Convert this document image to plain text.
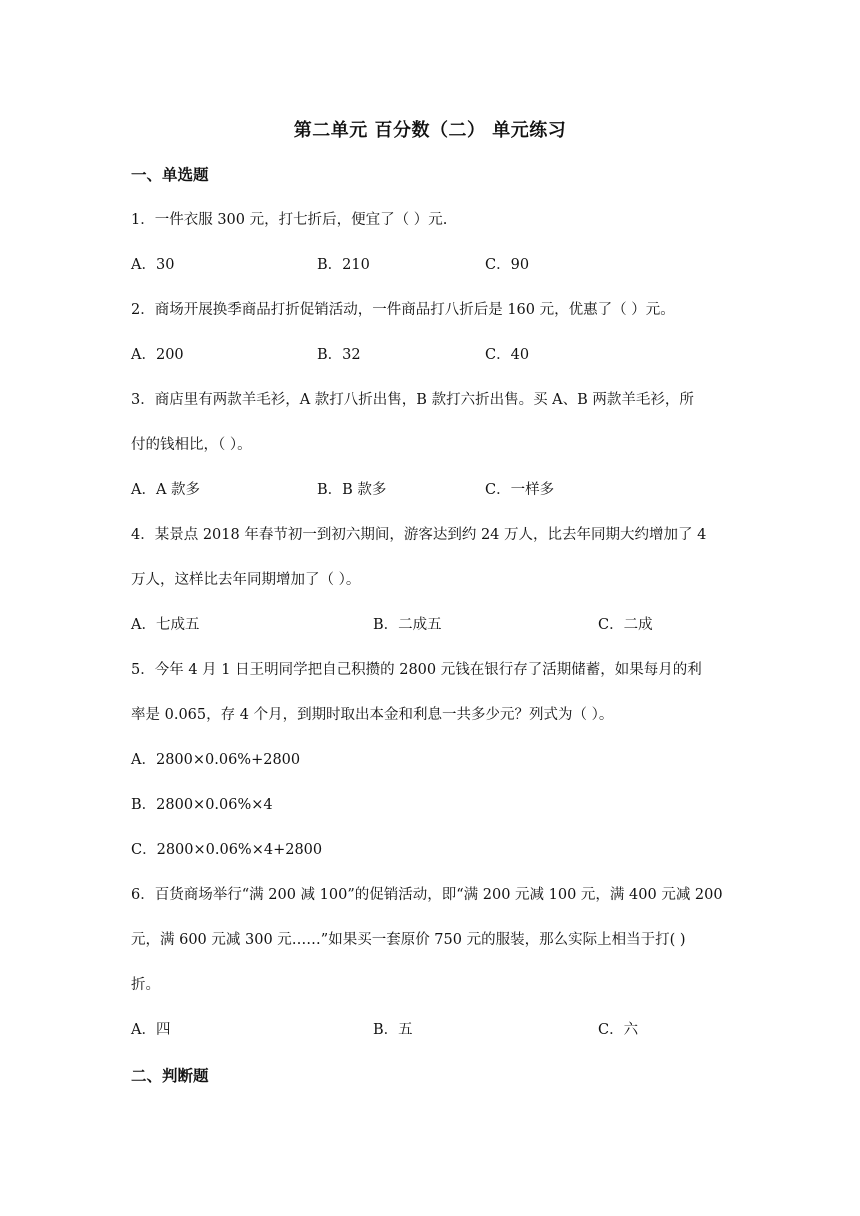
第二单元 百分数（二） 单元练习
一、单选题
1．一件衣服 300 元，打七折后，便宜了（ ）元.
A．30	B．210	C．90
2．商场开展换季商品打折促销活动，一件商品打八折后是 160 元，优惠了（ ）元。
A．200	B．32	C．40
3．商店里有两款羊毛衫，A 款打八折出售，B 款打六折出售。买 A、B 两款羊毛衫，所
付的钱相比，（ ）。
A．A 款多	B．B 款多	C．一样多
4．某景点 2018 年春节初一到初六期间，游客达到约 24 万人，比去年同期大约增加了 4
万人，这样比去年同期增加了（ ）。
A．七成五	B．二成五	C．二成
5．今年 4 月 1 日王明同学把自己积攒的 2800 元钱在银行存了活期储蓄，如果每月的利
率是 0.065，存 4 个月，到期时取出本金和利息一共多少元？列式为（ ）。
A．2800×0.06%+2800
B．2800×0.06%×4
C．2800×0.06%×4+2800
6．百货商场举行“满 200 减 100”的促销活动，即“满 200 元减 100 元，满 400 元减 200
元，满 600 元减 300 元……”如果买一套原价 750 元的服装，那么实际上相当于打( )
折。
A．四	B．五	C．六
二、判断题
